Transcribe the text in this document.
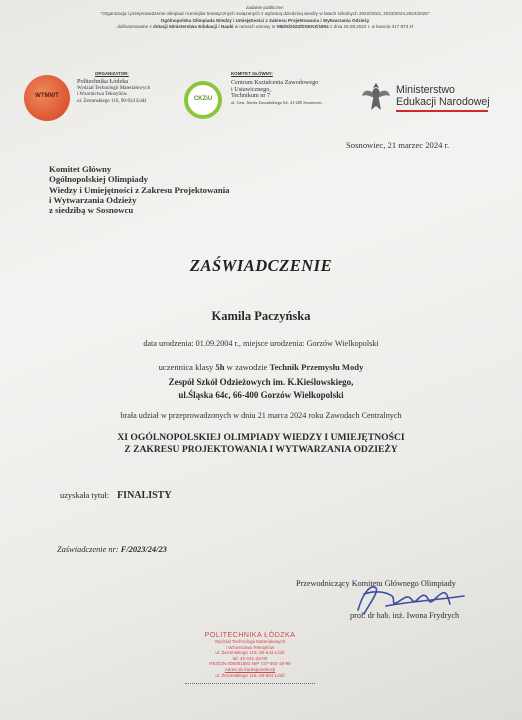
zadanie publiczne:
"Organizacja i przeprowadzenie olimpiad i turniejów tematycznych związanych z wybraną dziedziną wiedzy w latach szkolnych 2022/2023, 2023/2024,2024/2025"
Ogólnopolska Olimpiada Wiedzy i Umiejętności z Zakresu Projektowania i Wytwarzania Odzieży
dofinansowane z dotacji Ministerstwa Edukacji i Nauki w ramach umowy nr MEiN/2022/DSKKZ/1804 z dnia 26.08.2022 r. w kwocie 317 873 zł
WTMWT
ORGANIZATOR:
Politechnika Łódzka
Wydział Technologii Materiałowych
i Wzornictwa Tekstyliów
ul. Żeromskiego 116, 90-924 Łódź	CKZiU
KOMITET GŁÓWNY:
Centrum Kształcenia Zawodowego
i Ustawicznego,
Technikum nr 7
ul. Gen. Józefa Zawadzkiego 64, 41-200 Sosnowiec
Ministerstwo
Edukacji Narodowej
Sosnowiec, 21 marzec 2024 r.
Komitet Główny
Ogólnopolskiej Olimpiady
Wiedzy i Umiejętności z Zakresu Projektowania
i Wytwarzania Odzieży
z siedzibą w Sosnowcu
ZAŚWIADCZENIE
Kamila Paczyńska
data urodzenia: 01.09.2004 r., miejsce urodzenia: Gorzów Wielkopolski
uczennica klasy 5h w zawodzie Technik Przemysłu Mody
Zespół Szkół Odzieżowych im. K.Kieślowskiego,
ul.Śląska 64c, 66-400 Gorzów Wielkopolski
brała udział w przeprowadzonych w dniu 21 marca 2024 roku Zawodach Centralnych
XI OGÓLNOPOLSKIEJ OLIMPIADY WIEDZY I UMIEJĘTNOŚCI
Z ZAKRESU PROJEKTOWANIA I WYTWARZANIA ODZIEŻY
uzyskała tytuł: FINALISTY
Zaświadczenie nr: F/2023/24/23
Przewodniczący Komitetu Głównego Olimpiady
prof. dr hab. inż. Iwona Frydrych
POLITECHNIKA ŁÓDZKA
Wydział Technologii Materiałowych
i Wzornictwa Tekstyliów
ul. Żeromskiego 116, 90-543 Łódź
tel. 42 631-33-00
REGON 000001583 NIP 727-002-18-95
Adres do korespondencji
ul. Żeromskiego 116, 90-924 Łódź
